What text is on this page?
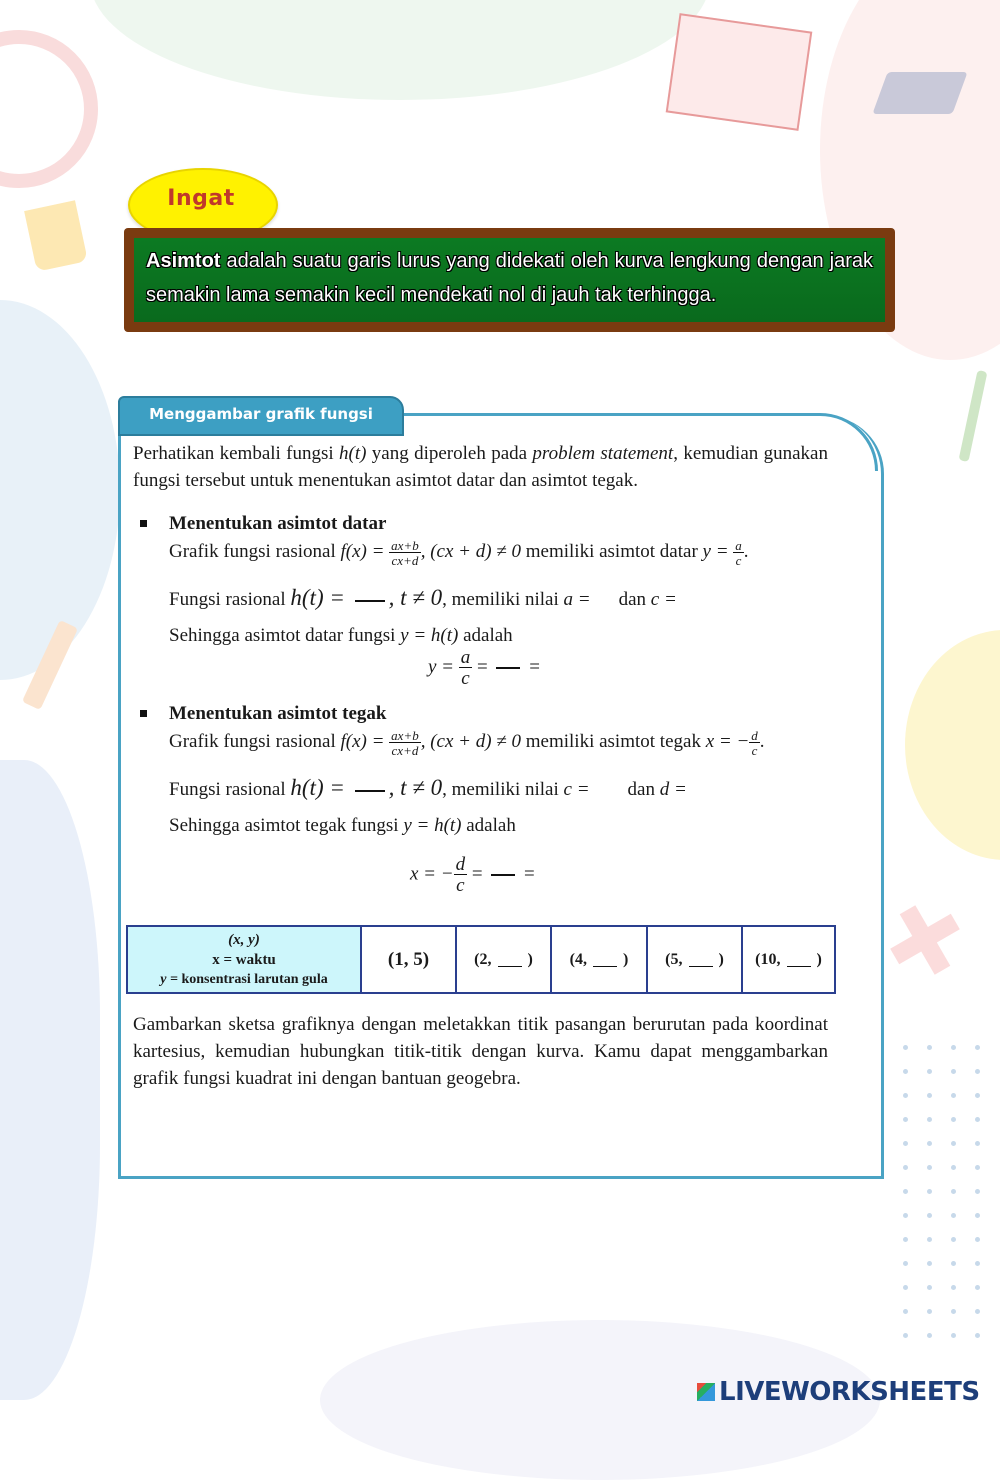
Ingat
Asimtot adalah suatu garis lurus yang didekati oleh kurva lengkung dengan jarak semakin lama semakin kecil mendekati nol di jauh tak terhingga.
Menggambar grafik fungsi
Perhatikan kembali fungsi h(t) yang diperoleh pada problem statement, kemudian gunakan fungsi tersebut untuk menentukan asimtot datar dan asimtot tegak.
Menentukan asimtot datar
Grafik fungsi rasional $f(x) = \frac{ax+b}{cx+d}$ , (cx + d) ≠ 0 memiliki asimtot datar $y = \frac{a}{c}$ .
Fungsi rasional h(t) = , t ≠ 0, memiliki nilai a = dan c =
Sehingga asimtot datar fungsi y = h(t) adalah
$y = \frac{a}{c}$ =  =
Menentukan asimtot tegak
Grafik fungsi rasional $f(x) = \frac{ax+b}{cx+d}$ , (cx + d) ≠ 0 memiliki asimtot tegak x = − $\frac{d}{c}$ .
Fungsi rasional h(t) = , t ≠ 0, memiliki nilai c = dan d =
Sehingga asimtot tegak fungsi y = h(t) adalah
x = − $\frac{d}{c}$ =  =
(x, y)
x = waktu
y = konsentrasi larutan gula
(1, 5)	(2, ) (4, ) (5, ) (10, )
Gambarkan sketsa grafiknya dengan meletakkan titik pasangan berurutan pada koordinat kartesius, kemudian hubungkan titik-titik dengan kurva. Kamu dapat menggambarkan grafik fungsi kuadrat ini dengan bantuan geogebra.
LIVEWORKSHEETS
